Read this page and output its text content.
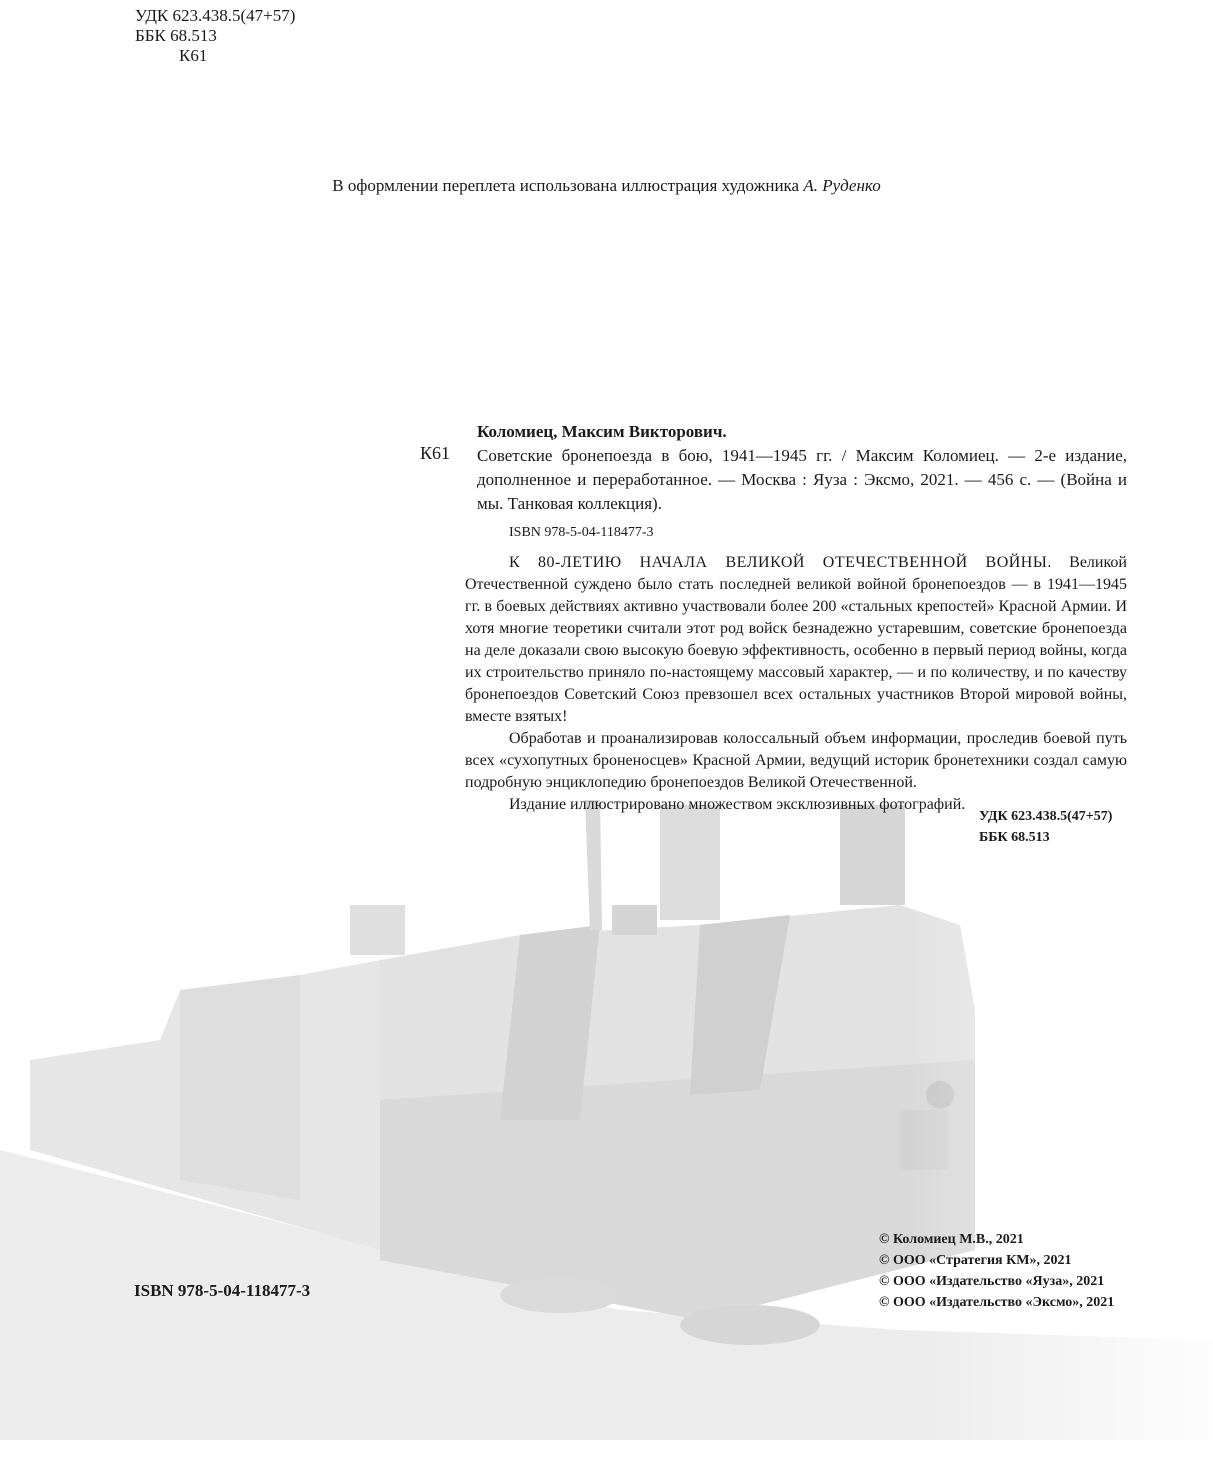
УДК 623.438.5(47+57)
ББК 68.513
К61
В оформлении переплета использована иллюстрация художника А. Руденко
К61
Коломиец, Максим Викторович.
Советские бронепоезда в бою, 1941—1945 гг. / Максим Коломиец. — 2-е издание, дополненное и переработанное. — Москва : Яуза : Эксмо, 2021. — 456 с. — (Война и мы. Танковая коллекция).
ISBN 978-5-04-118477-3

К 80-ЛЕТИЮ НАЧАЛА ВЕЛИКОЙ ОТЕЧЕСТВЕННОЙ ВОЙНЫ. Великой Отечественной суждено было стать последней великой войной бронепоездов — в 1941—1945 гг. в боевых действиях активно участвовали более 200 «стальных крепостей» Красной Армии. И хотя многие теоретики считали этот род войск безнадежно устаревшим, советские бронепоезда на деле доказали свою высокую боевую эффективность, особенно в первый период войны, когда их строительство приняло по-настоящему массовый характер, — и по количеству, и по качеству бронепоездов Советский Союз превзошел всех остальных участников Второй мировой войны, вместе взятых!

Обработав и проанализировав колоссальный объем информации, проследив боевой путь всех «сухопутных броненосцев» Красной Армии, ведущий историк бронетехники создал самую подробную энциклопедию бронепоездов Великой Отечественной.

Издание иллюстрировано множеством эксклюзивных фотографий.

УДК 623.438.5(47+57)
ББК 68.513
© Коломиец М.В., 2021
© ООО «Стратегия КМ», 2021
© ООО «Издательство «Яуза», 2021
© ООО «Издательство «Эксмо», 2021
ISBN 978-5-04-118477-3
